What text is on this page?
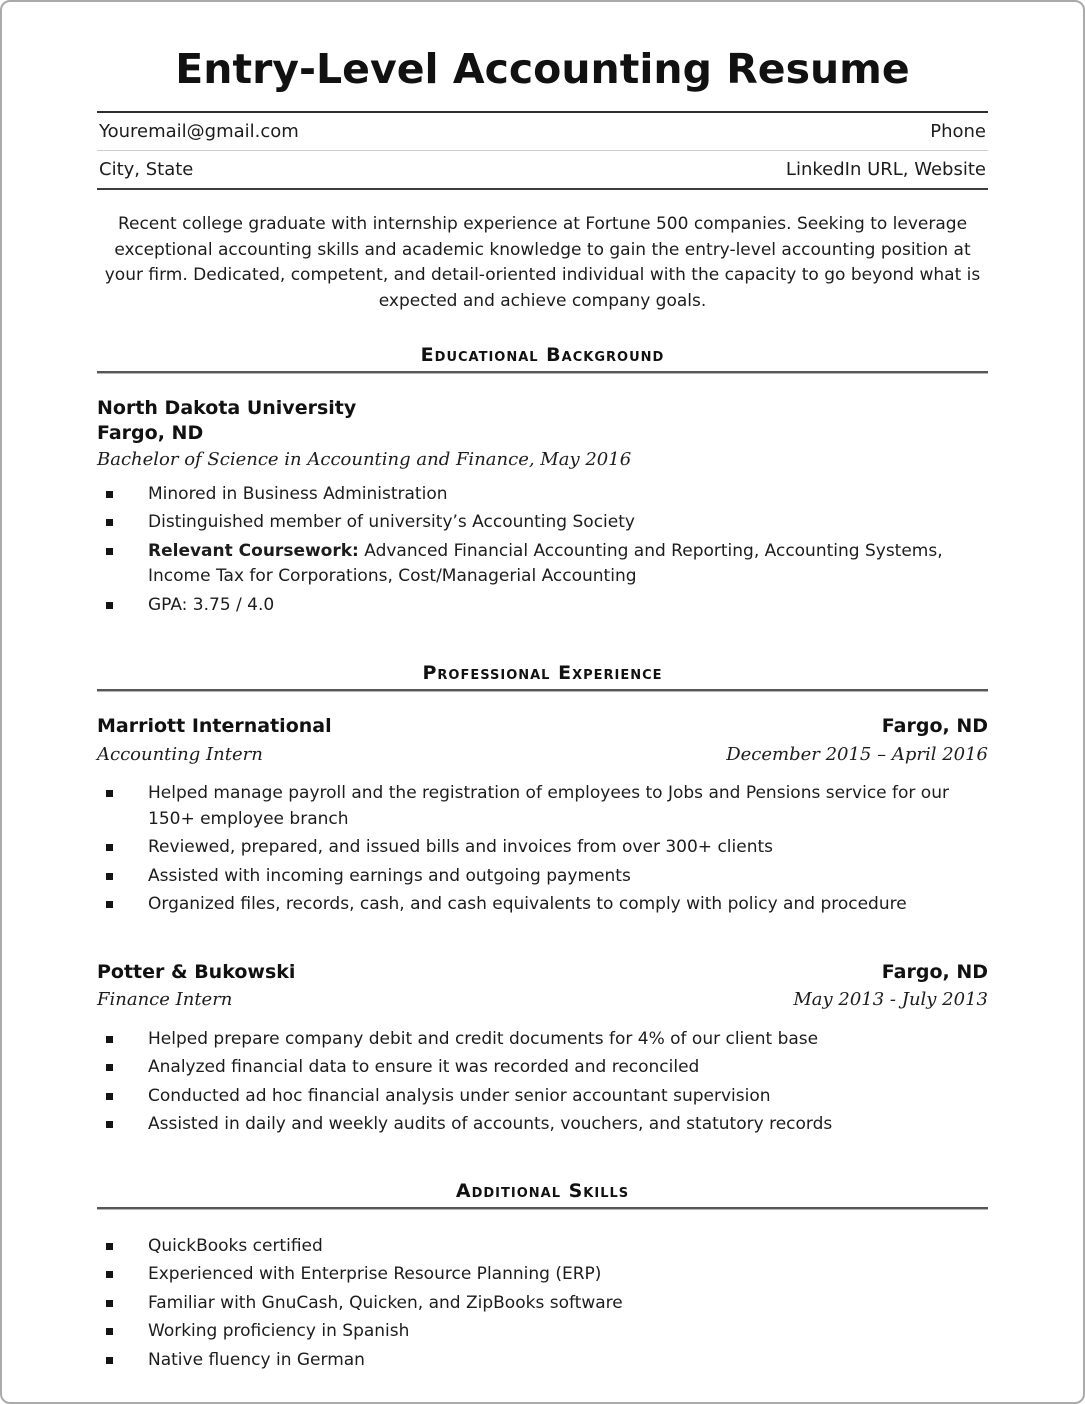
Entry-Level Accounting Resume
Youremail@gmail.com	Phone
City, State	LinkedIn URL, Website

Recent college graduate with internship experience at Fortune 500 companies. Seeking to leverage exceptional accounting skills and academic knowledge to gain the entry-level accounting position at your firm. Dedicated, competent, and detail-oriented individual with the capacity to go beyond what is expected and achieve company goals.

Educational Background
North Dakota University
Fargo, ND
Bachelor of Science in Accounting and Finance, May 2016
Minored in Business Administration
Distinguished member of university’s Accounting Society
Relevant Coursework: Advanced Financial Accounting and Reporting, Accounting Systems, Income Tax for Corporations, Cost/Managerial Accounting
GPA: 3.75 / 4.0
Professional Experience
Marriott International	Fargo, ND
Accounting Intern	December 2015 – April 2016
Helped manage payroll and the registration of employees to Jobs and Pensions service for our 150+ employee branch
Reviewed, prepared, and issued bills and invoices from over 300+ clients
Assisted with incoming earnings and outgoing payments
Organized files, records, cash, and cash equivalents to comply with policy and procedure
Potter & Bukowski	Fargo, ND
Finance Intern	May 2013 - July 2013
Helped prepare company debit and credit documents for 4% of our client base
Analyzed financial data to ensure it was recorded and reconciled
Conducted ad hoc financial analysis under senior accountant supervision
Assisted in daily and weekly audits of accounts, vouchers, and statutory records
Additional Skills
QuickBooks certified
Experienced with Enterprise Resource Planning (ERP)
Familiar with GnuCash, Quicken, and ZipBooks software
Working proficiency in Spanish
Native fluency in German
